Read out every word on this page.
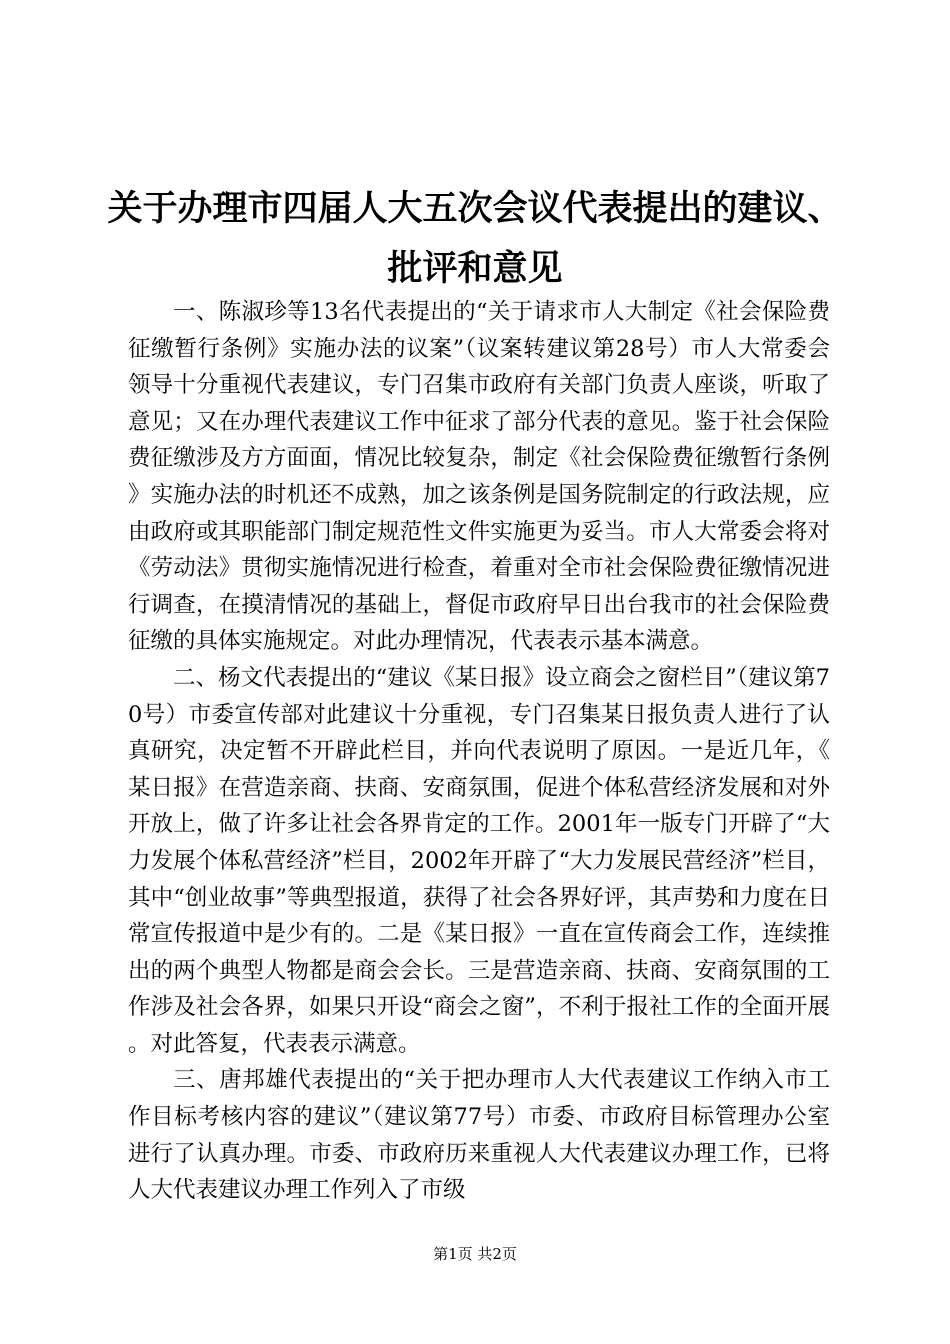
关于办理市四届人大五次会议代表提出的建议、
批评和意见

一、陈淑珍等13名代表提出的“关于请求市人大制定《社会保险费征缴暂行条例》实施办法的议案”（议案转建议第28号）市人大常委会领导十分重视代表建议，专门召集市政府有关部门负责人座谈，听取了意见；又在办理代表建议工作中征求了部分代表的意见。鉴于社会保险费征缴涉及方方面面，情况比较复杂，制定《社会保险费征缴暂行条例》实施办法的时机还不成熟，加之该条例是国务院制定的行政法规，应由政府或其职能部门制定规范性文件实施更为妥当。市人大常委会将对《劳动法》贯彻实施情况进行检查，着重对全市社会保险费征缴情况进行调查，在摸清情况的基础上，督促市政府早日出台我市的社会保险费征缴的具体实施规定。对此办理情况，代表表示基本满意。

二、杨文代表提出的“建议《某日报》设立商会之窗栏目”（建议第70号）市委宣传部对此建议十分重视，专门召集某日报负责人进行了认真研究，决定暂不开辟此栏目，并向代表说明了原因。一是近几年，《某日报》在营造亲商、扶商、安商氛围，促进个体私营经济发展和对外开放上，做了许多让社会各界肯定的工作。2001年一版专门开辟了“大力发展个体私营经济”栏目，2002年开辟了“大力发展民营经济”栏目，其中“创业故事”等典型报道，获得了社会各界好评，其声势和力度在日常宣传报道中是少有的。二是《某日报》一直在宣传商会工作，连续推出的两个典型人物都是商会会长。三是营造亲商、扶商、安商氛围的工作涉及社会各界，如果只开设“商会之窗”，不利于报社工作的全面开展。对此答复，代表表示满意。

三、唐邦雄代表提出的“关于把办理市人大代表建议工作纳入市工作目标考核内容的建议”（建议第77号）市委、市政府目标管理办公室进行了认真办理。市委、市政府历来重视人大代表建议办理工作，已将人大代表建议办理工作列入了市级

第1页 共2页
